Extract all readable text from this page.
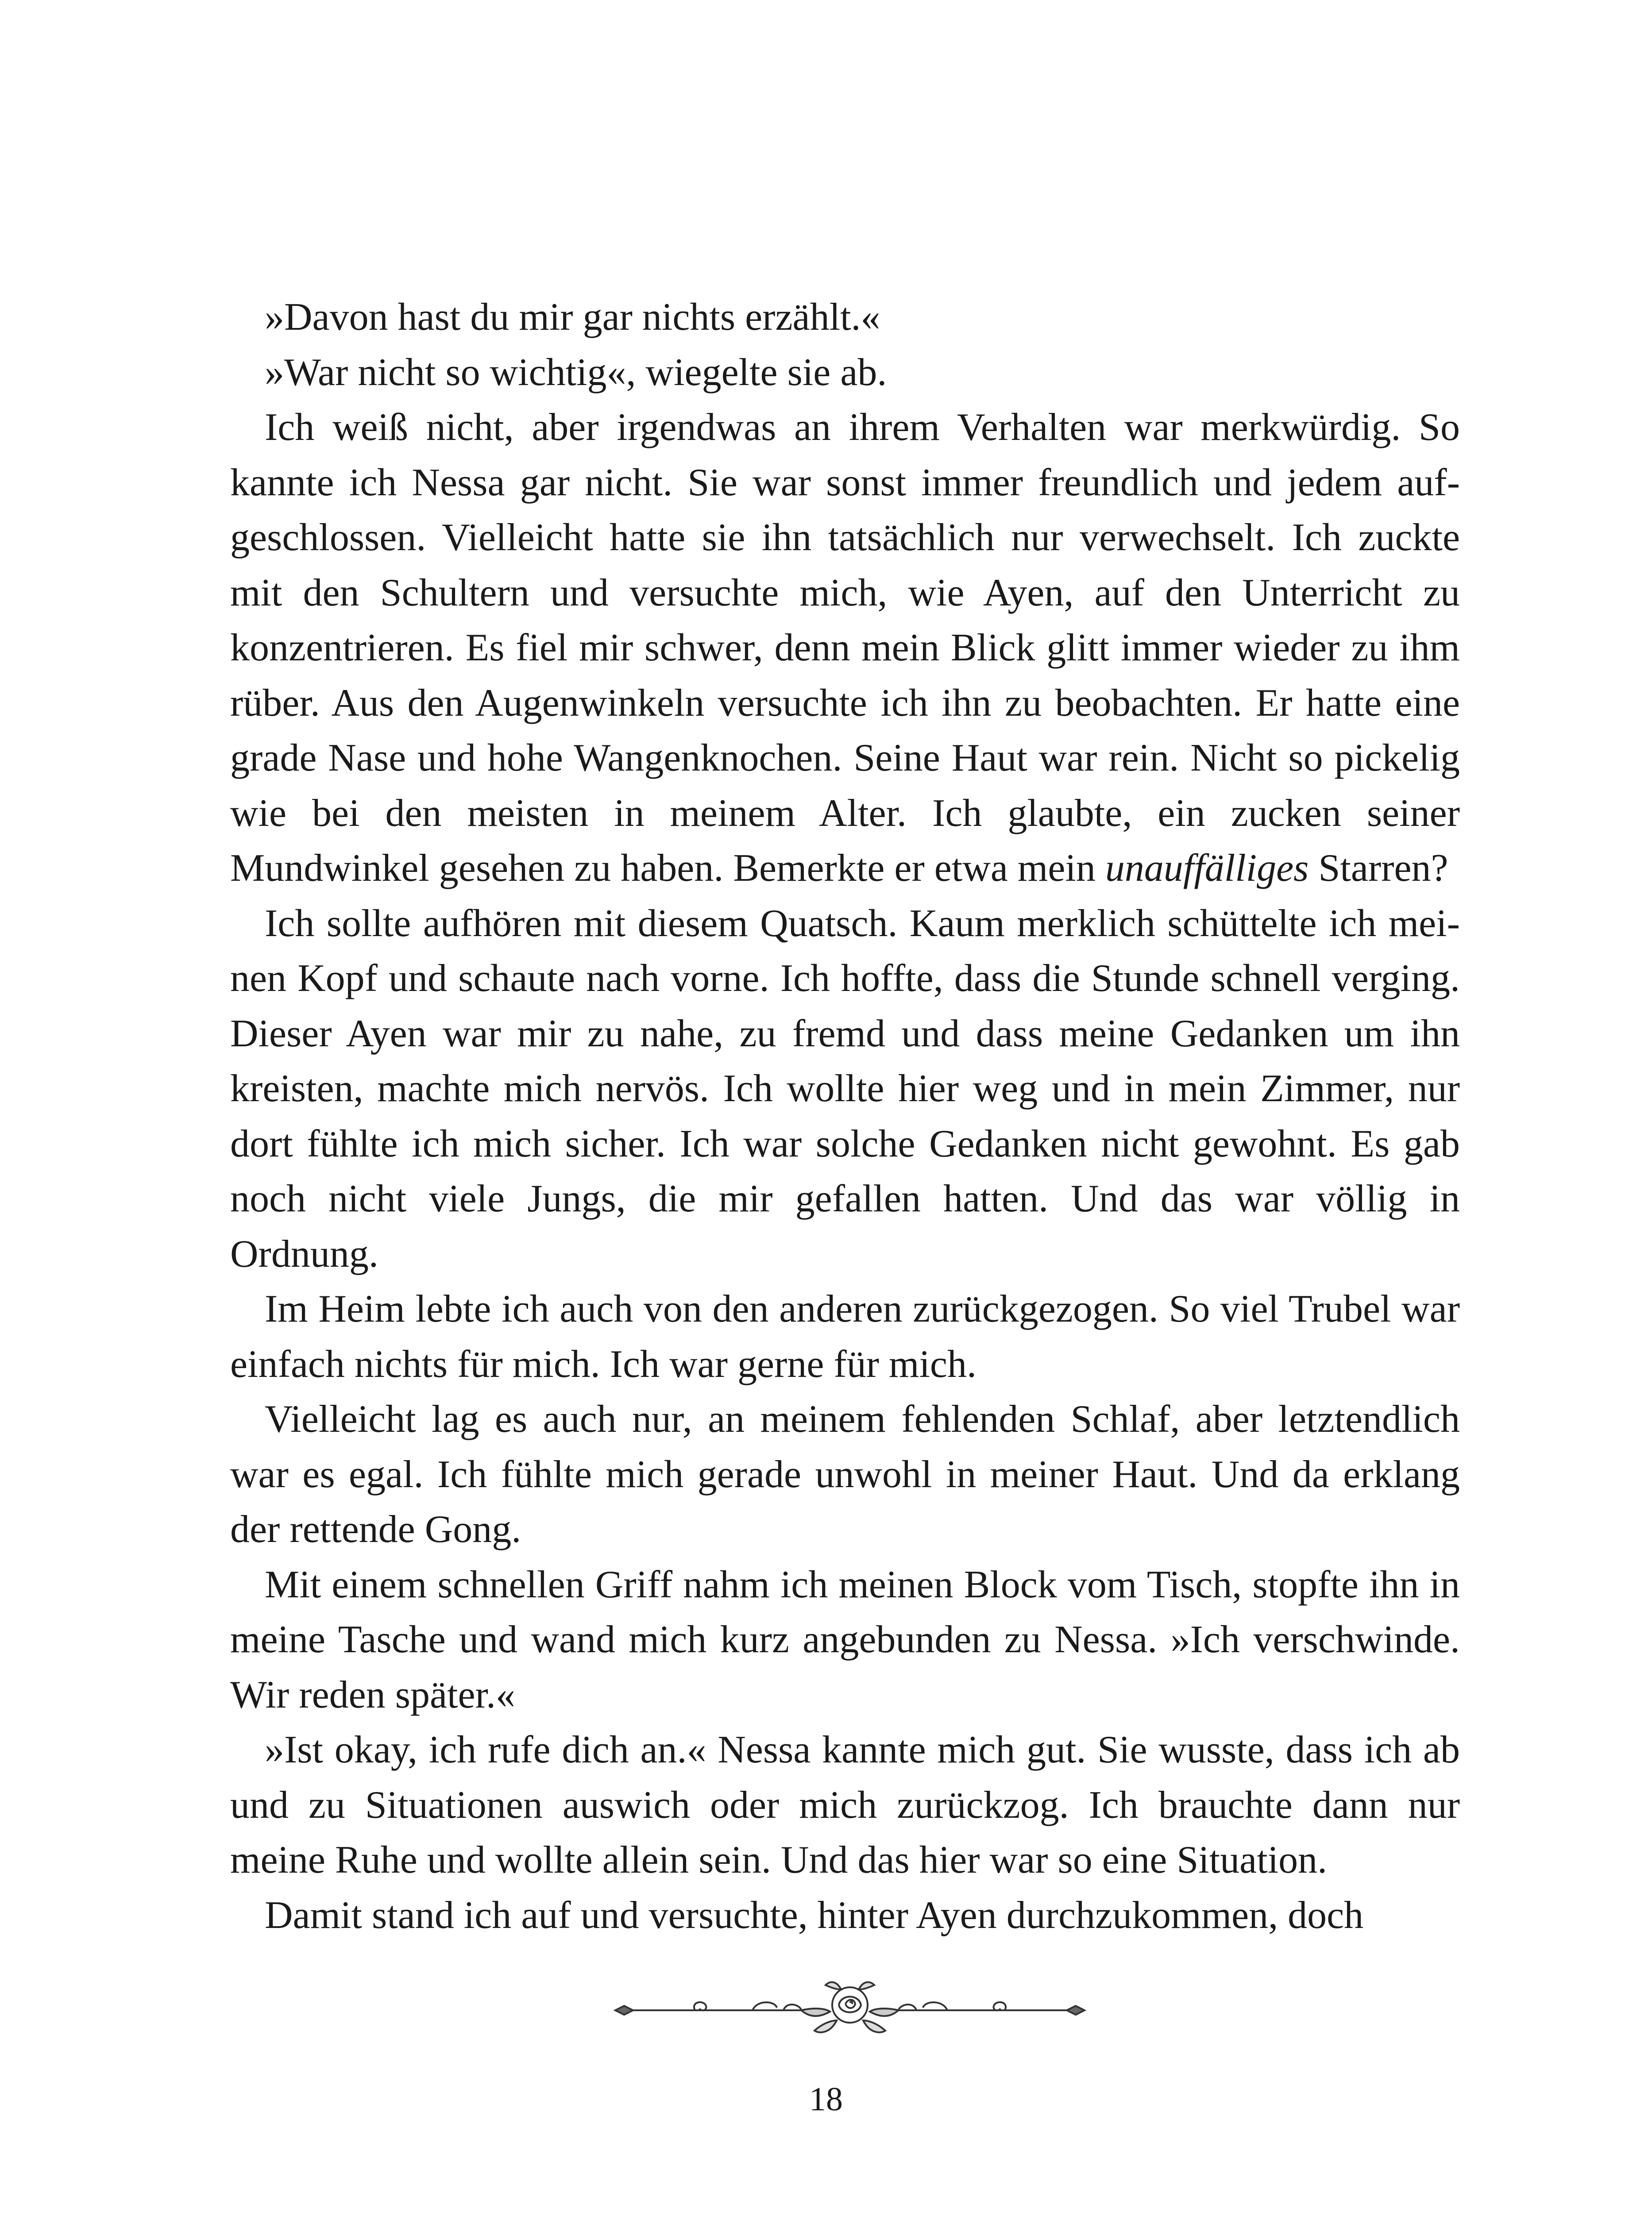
»Davon hast du mir gar nichts erzählt.«

»War nicht so wichtig«, wiegelte sie ab.

Ich weiß nicht, aber irgendwas an ihrem Verhalten war merkwürdig. So kannte ich Nessa gar nicht. Sie war sonst immer freundlich und jedem aufgeschlossen. Vielleicht hatte sie ihn tatsächlich nur verwechselt. Ich zuckte mit den Schultern und versuchte mich, wie Ayen, auf den Unterricht zu konzentrieren. Es fiel mir schwer, denn mein Blick glitt immer wieder zu ihm rüber. Aus den Augenwinkeln versuchte ich ihn zu beobachten. Er hatte eine grade Nase und hohe Wangenknochen. Seine Haut war rein. Nicht so pickelig wie bei den meisten in meinem Alter. Ich glaubte, ein zucken seiner Mundwinkel gesehen zu haben. Bemerkte er etwa mein unauffälliges Starren?

Ich sollte aufhören mit diesem Quatsch. Kaum merklich schüttelte ich meinen Kopf und schaute nach vorne. Ich hoffte, dass die Stunde schnell verging. Dieser Ayen war mir zu nahe, zu fremd und dass meine Gedanken um ihn kreisten, machte mich nervös. Ich wollte hier weg und in mein Zimmer, nur dort fühlte ich mich sicher. Ich war solche Gedanken nicht gewohnt. Es gab noch nicht viele Jungs, die mir gefallen hatten. Und das war völlig in Ordnung.

Im Heim lebte ich auch von den anderen zurückgezogen. So viel Trubel war einfach nichts für mich. Ich war gerne für mich.

Vielleicht lag es auch nur, an meinem fehlenden Schlaf, aber letztendlich war es egal. Ich fühlte mich gerade unwohl in meiner Haut. Und da erklang der rettende Gong.

Mit einem schnellen Griff nahm ich meinen Block vom Tisch, stopfte ihn in meine Tasche und wand mich kurz angebunden zu Nessa. »Ich verschwinde. Wir reden später.«

»Ist okay, ich rufe dich an.« Nessa kannte mich gut. Sie wusste, dass ich ab und zu Situationen auswich oder mich zurückzog. Ich brauchte dann nur meine Ruhe und wollte allein sein. Und das hier war so eine Situation.

Damit stand ich auf und versuchte, hinter Ayen durchzukommen, doch

18
